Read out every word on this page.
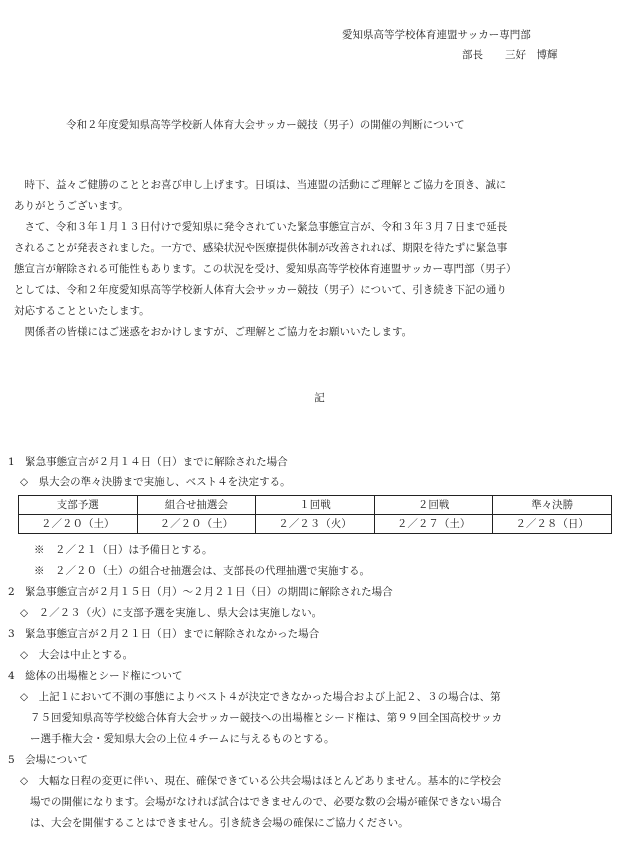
愛知県高等学校体育連盟サッカー専門部
部長 三好　博輝
令和２年度愛知県高等学校新人体育大会サッカー競技（男子）の開催の判断について
　時下、益々ご健勝のこととお喜び申し上げます。日頃は、当連盟の活動にご理解とご協力を頂き、誠に
ありがとうございます。
　さて、令和３年１月１３日付けで愛知県に発令されていた緊急事態宣言が、令和３年３月７日まで延長
されることが発表されました。一方で、感染状況や医療提供体制が改善されれば、期限を待たずに緊急事
態宣言が解除される可能性もあります。この状況を受け、愛知県高等学校体育連盟サッカー専門部（男子）
としては、令和２年度愛知県高等学校新人体育大会サッカー競技（男子）について、引き続き下記の通り
対応することといたします。
　関係者の皆様にはご迷惑をおかけしますが、ご理解とご協力をお願いいたします。
記
1　緊急事態宣言が２月１４日（日）までに解除された場合
◇　県大会の準々決勝まで実施し、ベスト４を決定する。
支部予選	組合せ抽選会	１回戦	２回戦	準々決勝
２／２０（土）	２／２０（土）	２／２３（火）	２／２７（土）	２／２８（日）
※　２／２１（日）は予備日とする。
※　２／２０（土）の組合せ抽選会は、支部長の代理抽選で実施する。
2　緊急事態宣言が２月１５日（月）～２月２１日（日）の期間に解除された場合
◇　２／２３（火）に支部予選を実施し、県大会は実施しない。
3　緊急事態宣言が２月２１日（日）までに解除されなかった場合
◇　大会は中止とする。
4　総体の出場権とシード権について
◇　上記１において不測の事態によりベスト４が決定できなかった場合および上記２、３の場合は、第
７５回愛知県高等学校総合体育大会サッカー競技への出場権とシード権は、第９９回全国高校サッカ
ー選手権大会・愛知県大会の上位４チームに与えるものとする。
5　会場について
◇　大幅な日程の変更に伴い、現在、確保できている公共会場はほとんどありません。基本的に学校会
場での開催になります。会場がなければ試合はできませんので、必要な数の会場が確保できない場合
は、大会を開催することはできません。引き続き会場の確保にご協力ください。
